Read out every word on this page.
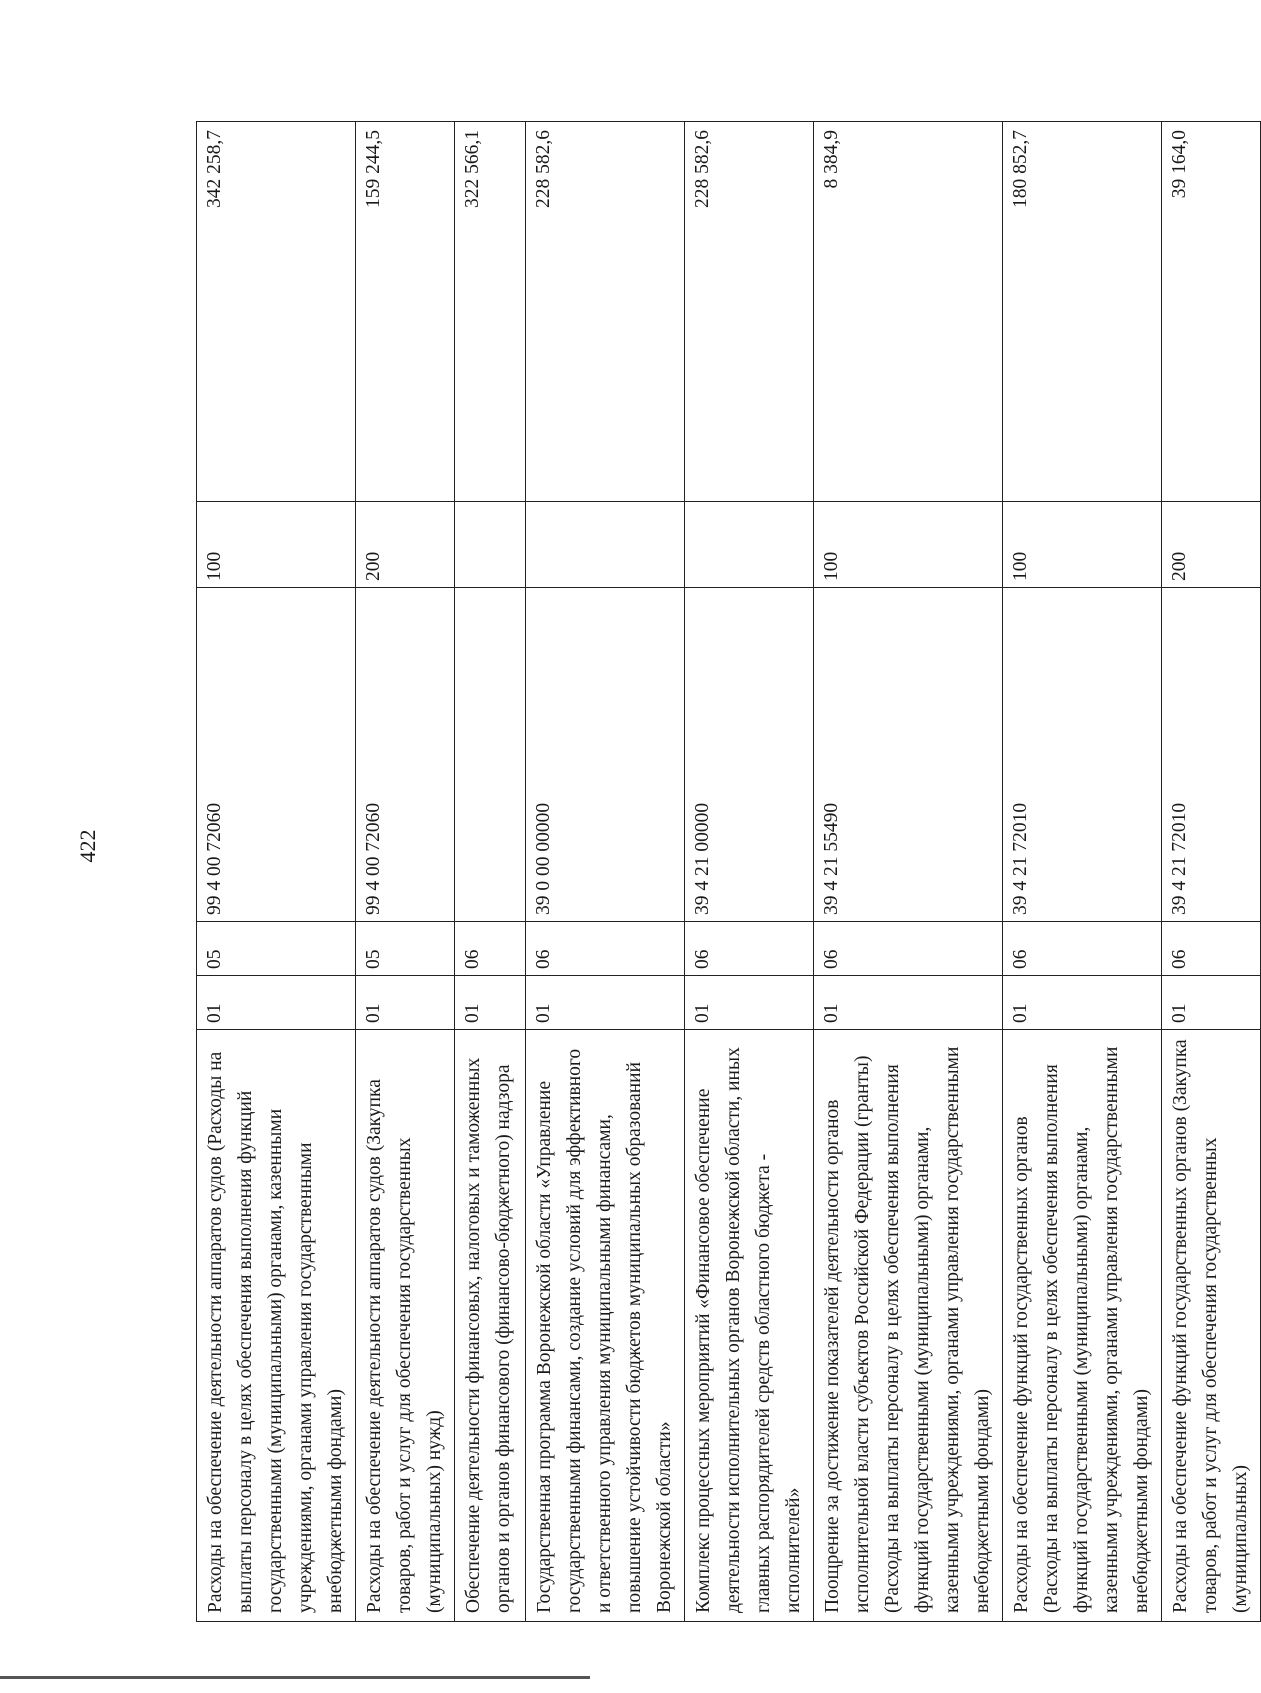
422
Расходы на обеспечение деятельности аппаратов судов (Расходы на выплаты персоналу в целях обеспечения выполнения функций государственными (муниципальными) органами, казенными учреждениями, органами управления государственными внебюджетными фондами)	01	05	99 4 00 72060	100	342 258,7
Расходы на обеспечение деятельности аппаратов судов (Закупка товаров, работ и услуг для обеспечения государственных (муниципальных) нужд)	01	05	99 4 00 72060	200	159 244,5
Обеспечение деятельности финансовых, налоговых и таможенных органов и органов финансового (финансово-бюджетного) надзора	01	06			322 566,1
Государственная программа Воронежской области «Управление государственными финансами, создание условий для эффективного и ответственного управления муниципальными финансами, повышение устойчивости бюджетов муниципальных образований Воронежской области»	01	06	39 0 00 00000		228 582,6
Комплекс процессных мероприятий «Финансовое обеспечение деятельности исполнительных органов Воронежской области, иных главных распорядителей средств областного бюджета - исполнителей»	01	06	39 4 21 00000		228 582,6
Поощрение за достижение показателей деятельности органов исполнительной власти субъектов Российской Федерации (гранты) (Расходы на выплаты персоналу в целях обеспечения выполнения функций государственными (муниципальными) органами, казенными учреждениями, органами управления государственными внебюджетными фондами)	01	06	39 4 21 55490	100	8 384,9
Расходы на обеспечение функций государственных органов (Расходы на выплаты персоналу в целях обеспечения выполнения функций государственными (муниципальными) органами, казенными учреждениями, органами управления государственными внебюджетными фондами)	01	06	39 4 21 72010	100	180 852,7
Расходы на обеспечение функций государственных органов (Закупка товаров, работ и услуг для обеспечения государственных (муниципальных)	01	06	39 4 21 72010	200	39 164,0
